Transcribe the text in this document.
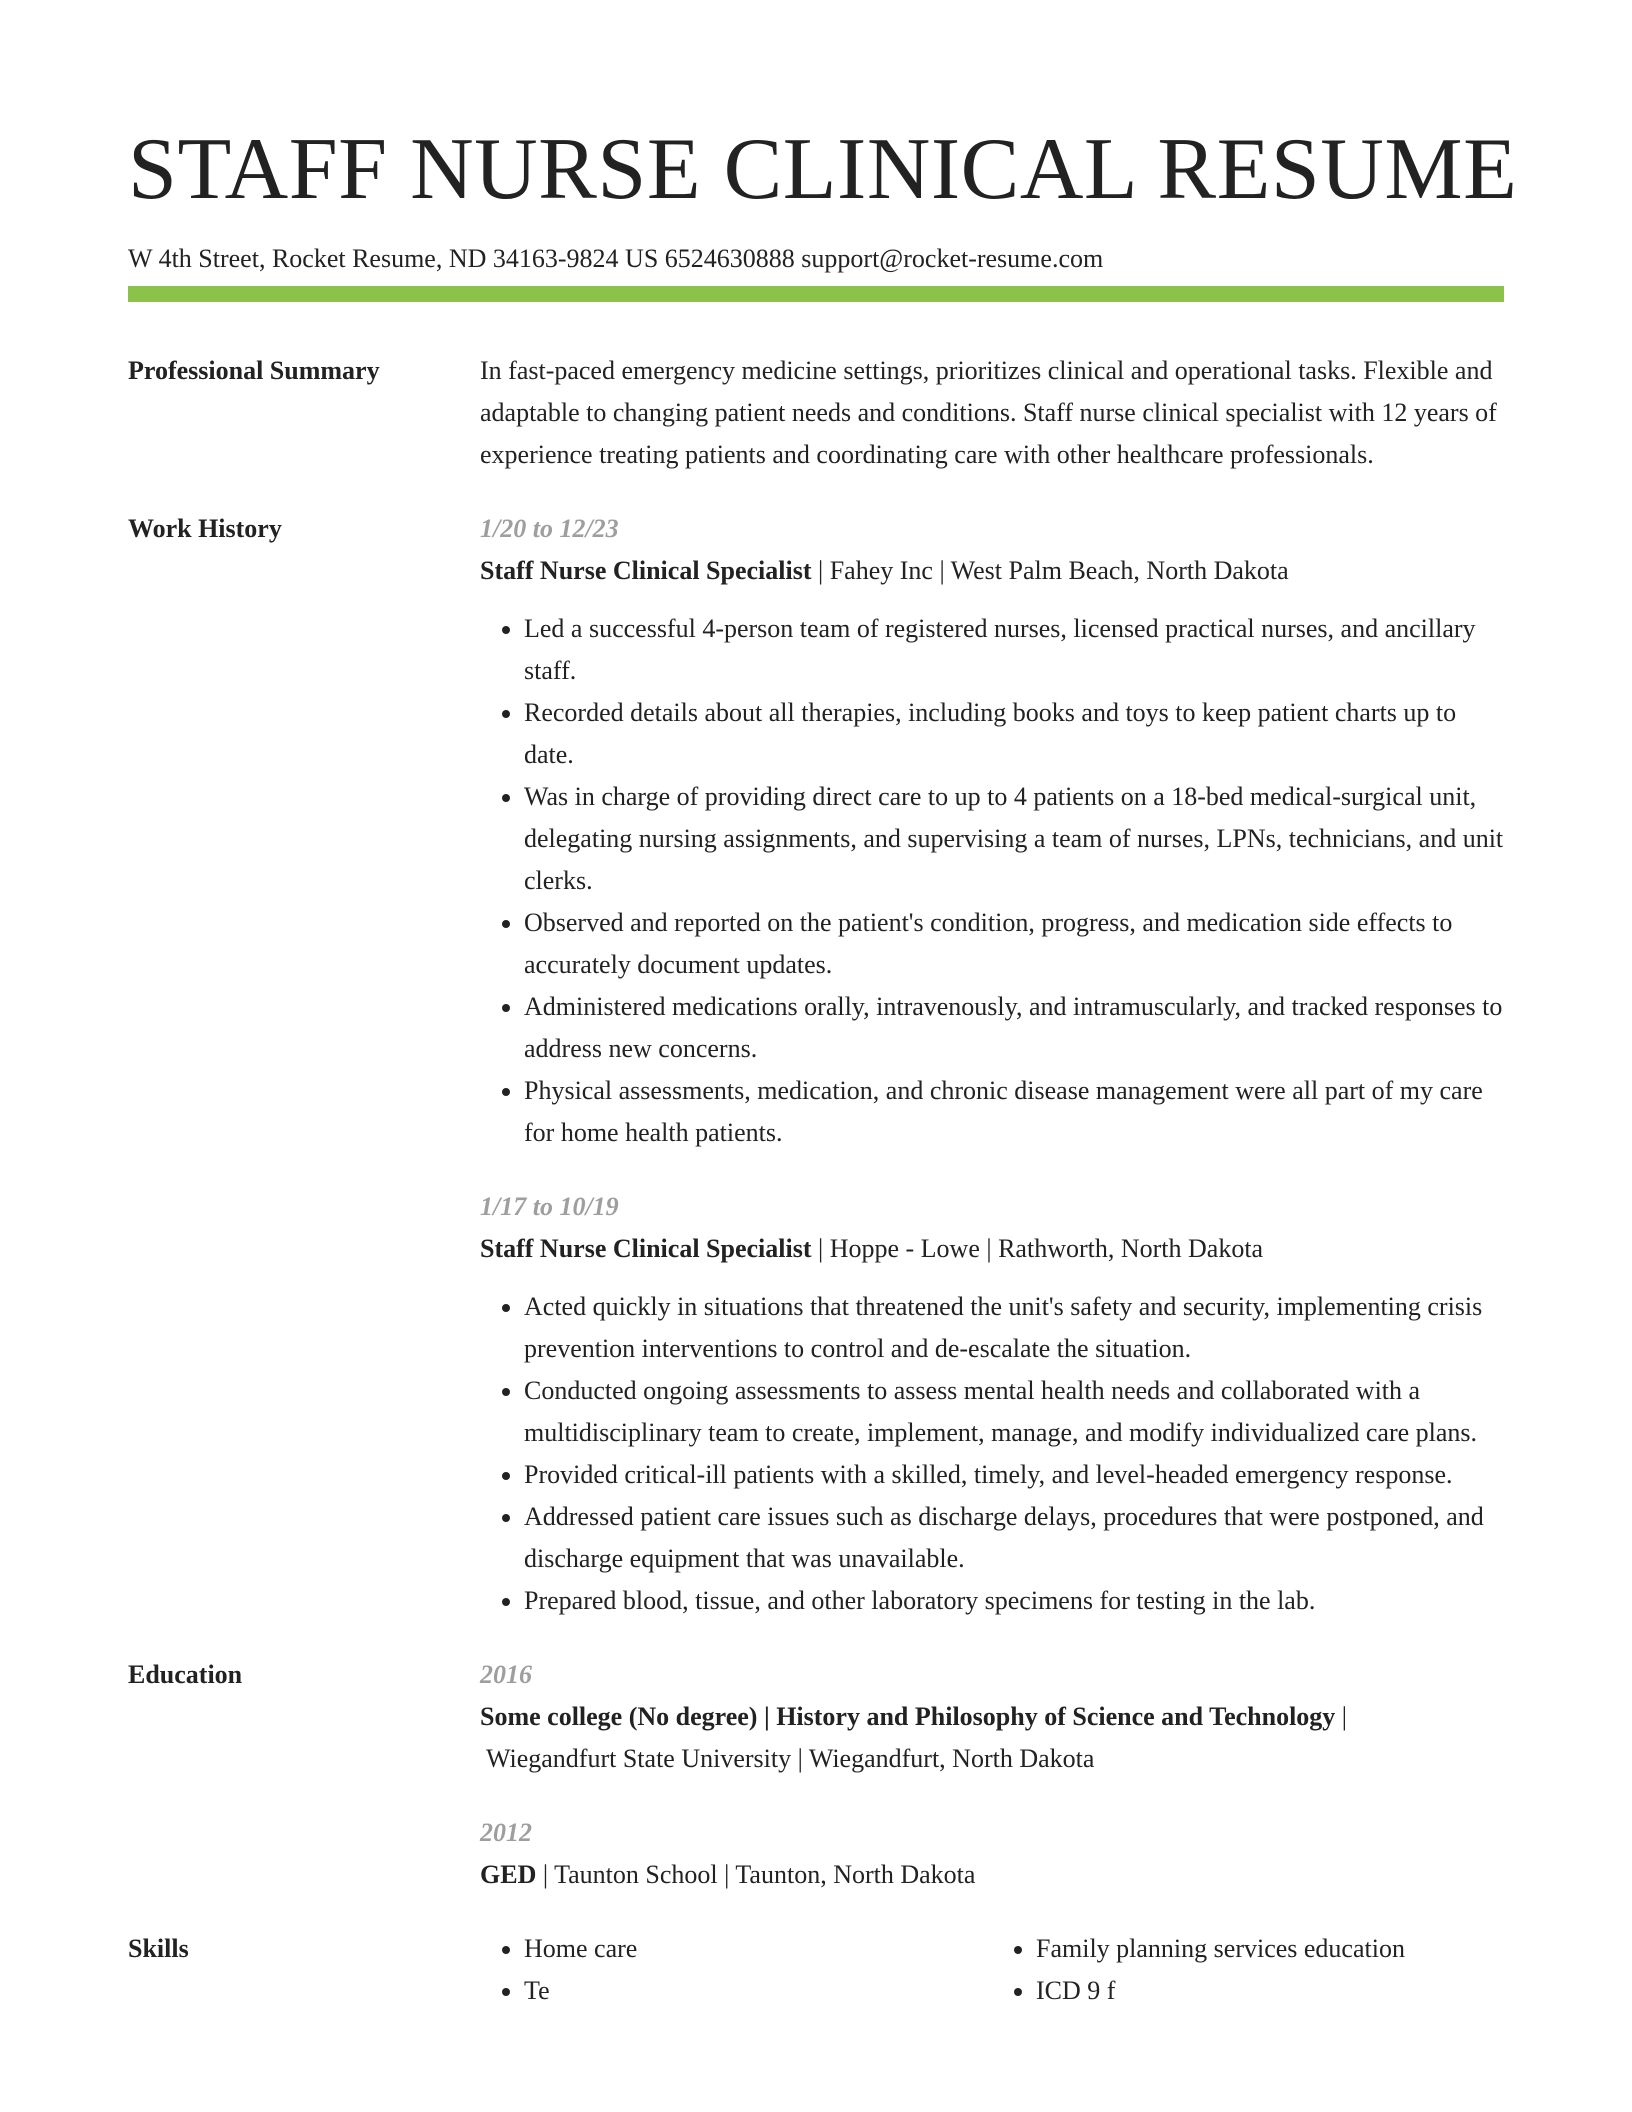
STAFF NURSE CLINICAL RESUME
W 4th Street, Rocket Resume, ND 34163-9824 US 6524630888 support@rocket-resume.com
Professional Summary	In fast-paced emergency medicine settings, prioritizes clinical and operational tasks. Flexible and adaptable to changing patient needs and conditions. Staff nurse clinical specialist with 12 years of experience treating patients and coordinating care with other healthcare professionals.

Work History	1/20 to 12/23
Staff Nurse Clinical Specialist | Fahey Inc | West Palm Beach, North Dakota
• Led a successful 4-person team of registered nurses, licensed practical nurses, and ancillary staff.
• Recorded details about all therapies, including books and toys to keep patient charts up to date.
• Was in charge of providing direct care to up to 4 patients on a 18-bed medical-surgical unit, delegating nursing assignments, and supervising a team of nurses, LPNs, technicians, and unit clerks.
• Observed and reported on the patient's condition, progress, and medication side effects to accurately document updates.
• Administered medications orally, intravenously, and intramuscularly, and tracked responses to address new concerns.
• Physical assessments, medication, and chronic disease management were all part of my care for home health patients.
1/17 to 10/19
Staff Nurse Clinical Specialist | Hoppe - Lowe | Rathworth, North Dakota
• Acted quickly in situations that threatened the unit's safety and security, implementing crisis prevention interventions to control and de-escalate the situation.
• Conducted ongoing assessments to assess mental health needs and collaborated with a multidisciplinary team to create, implement, manage, and modify individualized care plans.
• Provided critical-ill patients with a skilled, timely, and level-headed emergency response.
• Addressed patient care issues such as discharge delays, procedures that were postponed, and discharge equipment that was unavailable.
• Prepared blood, tissue, and other laboratory specimens for testing in the lab.
Education	2016
Some college (No degree) | History and Philosophy of Science and Technology |
Wiegandfurt State University | Wiegandfurt, North Dakota
2012
GED | Taunton School | Taunton, North Dakota
Skills
•	Home care
• Te
• Family planning services education
• ICD 9 f
